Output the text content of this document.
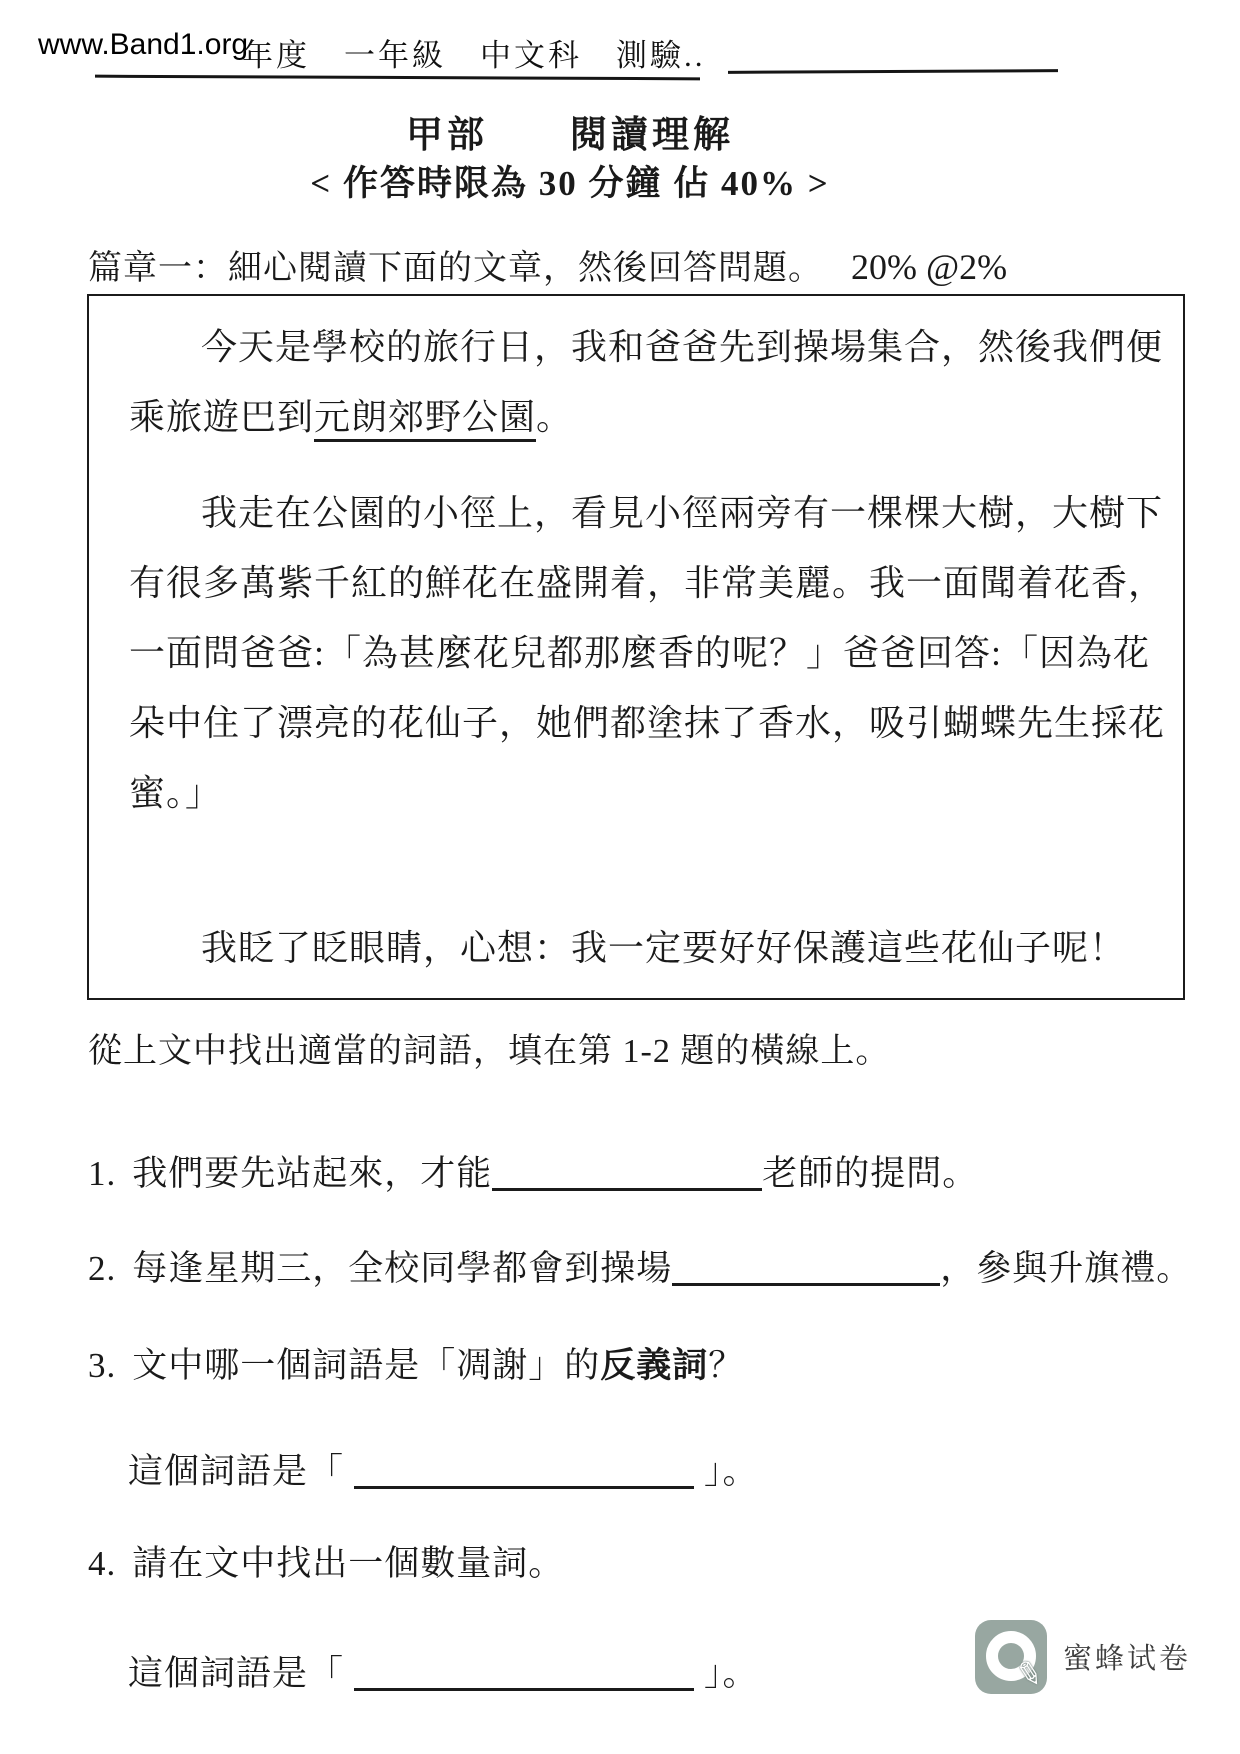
www.Band1.org
年度　一年級　中文科　測驗..
甲部　　閱讀理解
< 作答時限為 30 分鐘 佔 40% >
篇章一：細心閱讀下面的文章，然後回答問題。 20% @2%
今天是學校的旅行日，我和爸爸先到操場集合，然後我們便
乘旅遊巴到元朗郊野公園。
我走在公園的小徑上，看見小徑兩旁有一棵棵大樹，大樹下
有很多萬紫千紅的鮮花在盛開着，非常美麗。我一面聞着花香，
一面問爸爸:「為甚麼花兒都那麼香的呢？」爸爸回答:「因為花
朵中住了漂亮的花仙子，她們都塗抹了香水，吸引蝴蝶先生採花
蜜。」
我眨了眨眼睛，心想：我一定要好好保護這些花仙子呢！
從上文中找出適當的詞語，填在第 1-2 題的橫線上。
1. 我們要先站起來，才能	老師的提問。
2. 每逢星期三，全校同學都會到操場	，參與升旗禮。
3. 文中哪一個詞語是「凋謝」的反義詞？
這個詞語是「	」。
4. 請在文中找出一個數量詞。
這個詞語是「	」。	✎ 蜜蜂试卷
